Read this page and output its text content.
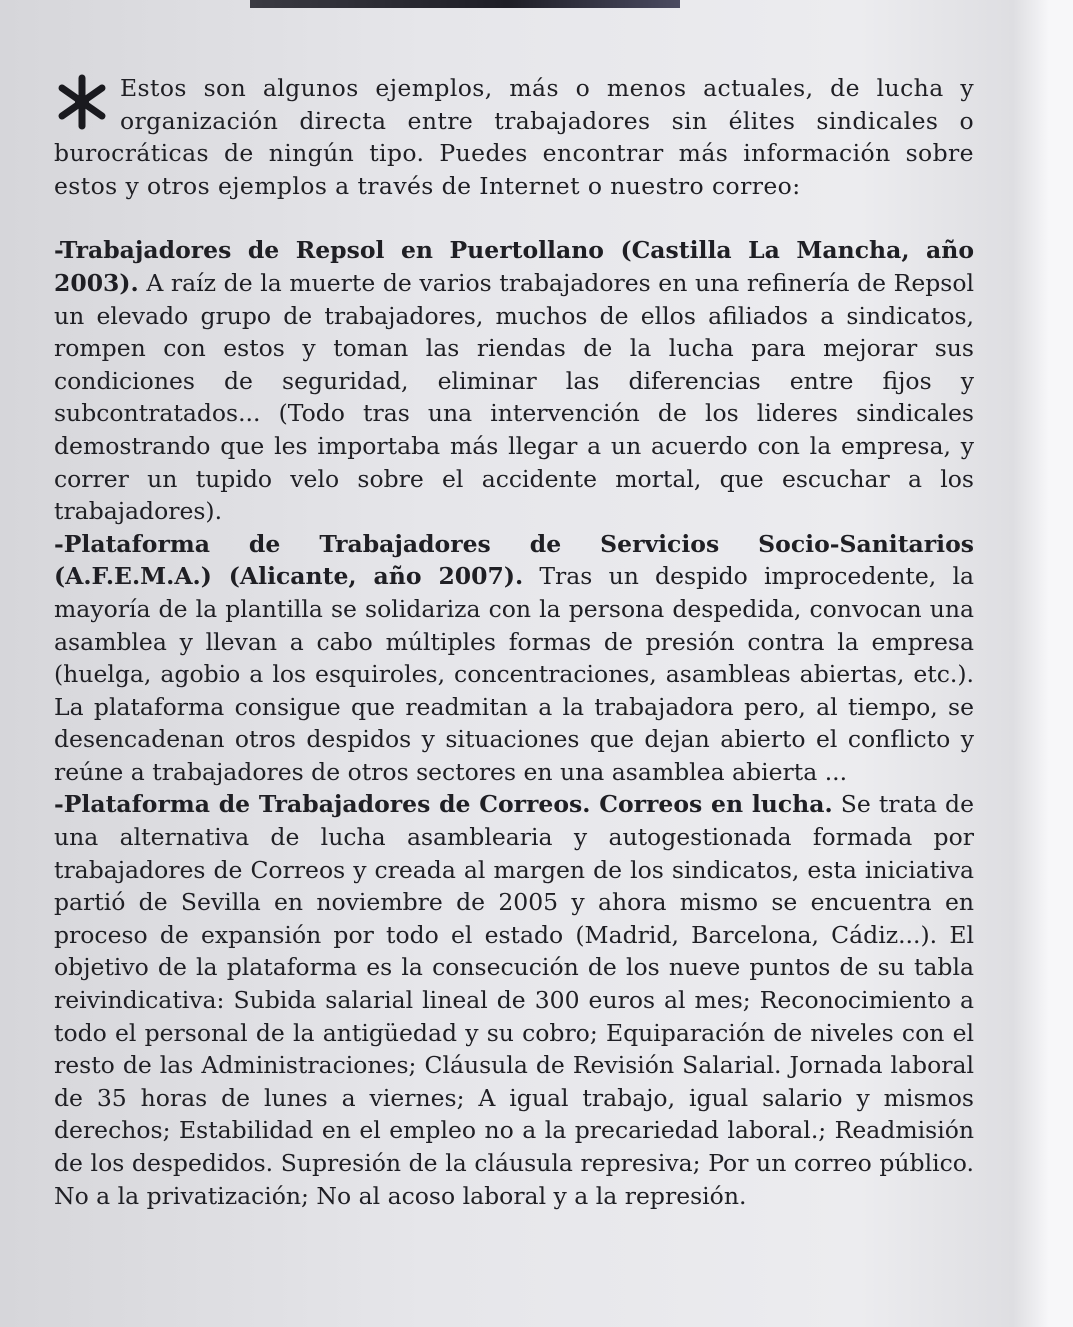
Estos son algunos ejemplos, más o menos actuales, de lucha y organización directa entre trabajadores sin élites sindicales o burocráticas de ningún tipo. Puedes encontrar más información sobre estos y otros ejemplos a través de Internet o nuestro correo:

-Trabajadores de Repsol en Puertollano (Castilla La Mancha, año 2003). A raíz de la muerte de varios trabajadores en una refinería de Repsol un elevado grupo de trabajadores, muchos de ellos afiliados a sindicatos, rompen con estos y toman las riendas de la lucha para mejorar sus condiciones de seguridad, eliminar las diferencias entre fijos y subcontratados... (Todo tras una intervención de los lideres sindicales demostrando que les importaba más llegar a un acuerdo con la empresa, y correr un tupido velo sobre el accidente mortal, que escuchar a los trabajadores).

-Plataforma de Trabajadores de Servicios Socio-Sanitarios (A.F.E.M.A.) (Alicante, año 2007). Tras un despido improcedente, la mayoría de la plantilla se solidariza con la persona despedida, convocan una asamblea y llevan a cabo múltiples formas de presión contra la empresa (huelga, agobio a los esquiroles, concentraciones, asambleas abiertas, etc.). La plataforma consigue que readmitan a la trabajadora pero, al tiempo, se desencadenan otros despidos y situaciones que dejan abierto el conflicto y reúne a trabajadores de otros sectores en una asamblea abierta ...

-Plataforma de Trabajadores de Correos. Correos en lucha. Se trata de una alternativa de lucha asamblearia y autogestionada formada por trabajadores de Correos y creada al margen de los sindicatos, esta iniciativa partió de Sevilla en noviembre de 2005 y ahora mismo se encuentra en proceso de expansión por todo el estado (Madrid, Barcelona, Cádiz...). El objetivo de la plataforma es la consecución de los nueve puntos de su tabla reivindicativa: Subida salarial lineal de 300 euros al mes; Reconocimiento a todo el personal de la antigüedad y su cobro; Equiparación de niveles con el resto de las Administraciones; Cláusula de Revisión Salarial. Jornada laboral de 35 horas de lunes a viernes; A igual trabajo, igual salario y mismos derechos; Estabilidad en el empleo no a la precariedad laboral.; Readmisión de los despedidos. Supresión de la cláusula represiva; Por un correo público. No a la privatización; No al acoso laboral y a la represión.
